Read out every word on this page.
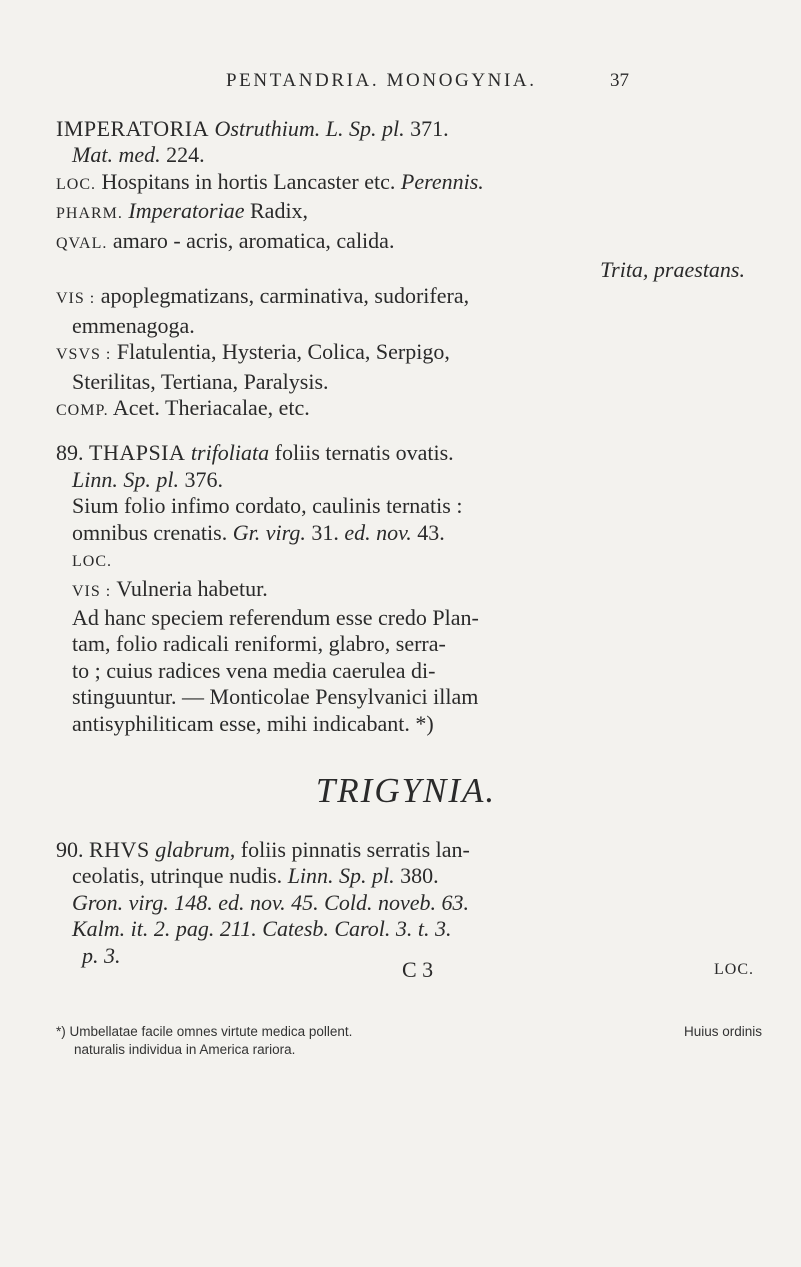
PENTANDRIA. MONOGYNIA.	37
IMPERATORIA Ostruthium. L. Sp. pl. 371.
Mat. med. 224.
LOC. Hospitans in hortis Lancaster etc. Perennis.
PHARM. Imperatoriae Radix,
QVAL. amaro - acris, aromatica, calida.
Trita, praestans.
VIS : apoplegmatizans, carminativa, sudorifera,
emmenagoga.
VSVS : Flatulentia, Hysteria, Colica, Serpigo,
Sterilitas, Tertiana, Paralysis.
COMP. Acet. Theriacalae, etc.
89. THAPSIA trifoliata foliis ternatis ovatis.
Linn. Sp. pl. 376.
Sium folio infimo cordato, caulinis ternatis :
omnibus crenatis. Gr. virg. 31. ed. nov. 43.
LOC.
VIS : Vulneria habetur.
Ad hanc speciem referendum esse credo Plan-
tam, folio radicali reniformi, glabro, serra-
to ; cuius radices vena media caerulea di-
stinguuntur. — Monticolae Pensylvanici illam
antisyphiliticam esse, mihi indicabant. *)
TRIGYNIA.
90. RHVS glabrum, foliis pinnatis serratis lan-
ceolatis, utrinque nudis. Linn. Sp. pl. 380.
Gron. virg. 148. ed. nov. 45. Cold. noveb. 63.
Kalm. it. 2. pag. 211. Catesb. Carol. 3. t. 3.
p. 3.
C 3	LOC.
*) Umbellatae facile omnes virtute medica pollent.	Huius ordinis
naturalis individua in America rariora.
